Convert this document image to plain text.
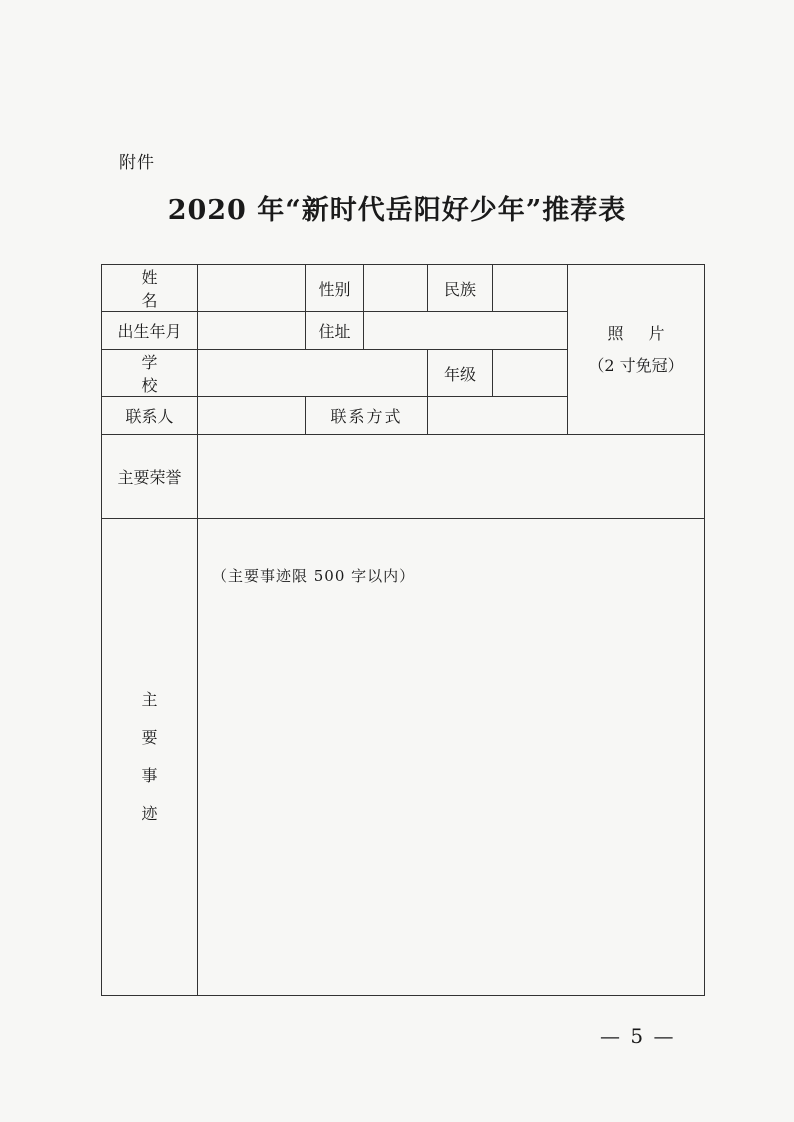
附件
2020 年“新时代岳阳好少年”推荐表
姓 名		性别		民族		照 片
（2 寸免冠）

出生年月		住址				
学 校				年级		
联系人		联系方式				
主要荣誉						

主
要
事
迹	（主要事迹限 500 字以内）					
— 5 —
